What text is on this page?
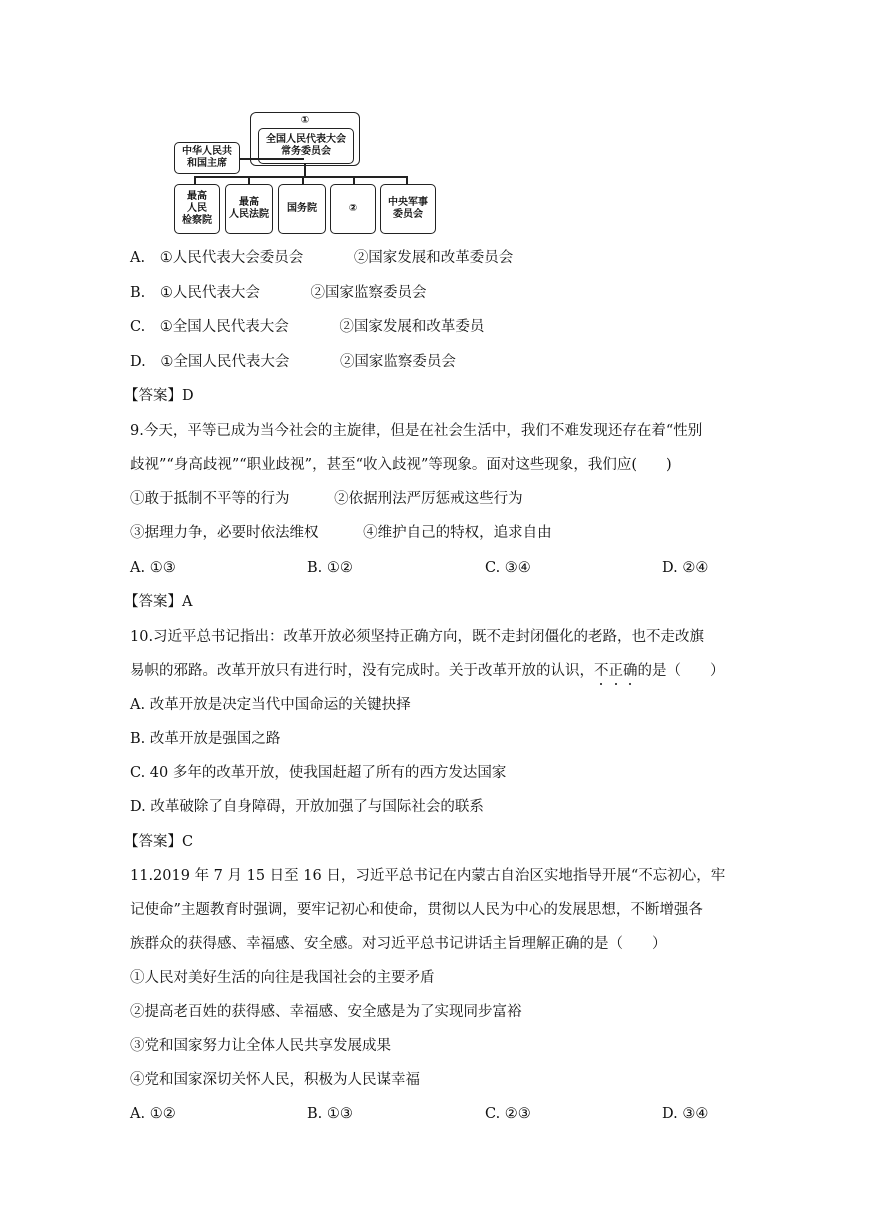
①
全国人民代表大会
常务委员会
中华人民共
和国主席
最高
人民
检察院
最高
人民法院
国务院	②
中央军事
委员会
A. ①人民代表大会委员会	②国家发展和改革委员会
B. ①人民代表大会	②国家监察委员会
C. ①全国人民代表大会	②国家发展和改革委员
D. ①全国人民代表大会	②国家监察委员会
【答案】D
9.今天，平等已成为当今社会的主旋律，但是在社会生活中，我们不难发现还存在着“性别
歧视”“身高歧视”“职业歧视”，甚至“收入歧视”等现象。面对这些现象，我们应(　　)
①敢于抵制不平等的行为	②依据刑法严厉惩戒这些行为
③据理力争，必要时依法维权	④维护自己的特权，追求自由
A. ①③	B. ①②	C. ③④	D. ②④
【答案】A
10.习近平总书记指出：改革开放必须坚持正确方向，既不走封闭僵化的老路，也不走改旗
易帜的邪路。改革开放只有进行时，没有完成时。关于改革开放的认识，不正确的是（　　）
A. 改革开放是决定当代中国命运的关键抉择
B. 改革开放是强国之路
C. 40 多年的改革开放，使我国赶超了所有的西方发达国家
D. 改革破除了自身障碍，开放加强了与国际社会的联系
【答案】C
11.2019 年 7 月 15 日至 16 日，习近平总书记在内蒙古自治区实地指导开展“不忘初心，牢
记使命”主题教育时强调，要牢记初心和使命，贯彻以人民为中心的发展思想，不断增强各
族群众的获得感、幸福感、安全感。对习近平总书记讲话主旨理解正确的是（　　）
①人民对美好生活的向往是我国社会的主要矛盾
②提高老百姓的获得感、幸福感、安全感是为了实现同步富裕
③党和国家努力让全体人民共享发展成果
④党和国家深切关怀人民，积极为人民谋幸福
A. ①②	B. ①③	C. ②③	D. ③④
